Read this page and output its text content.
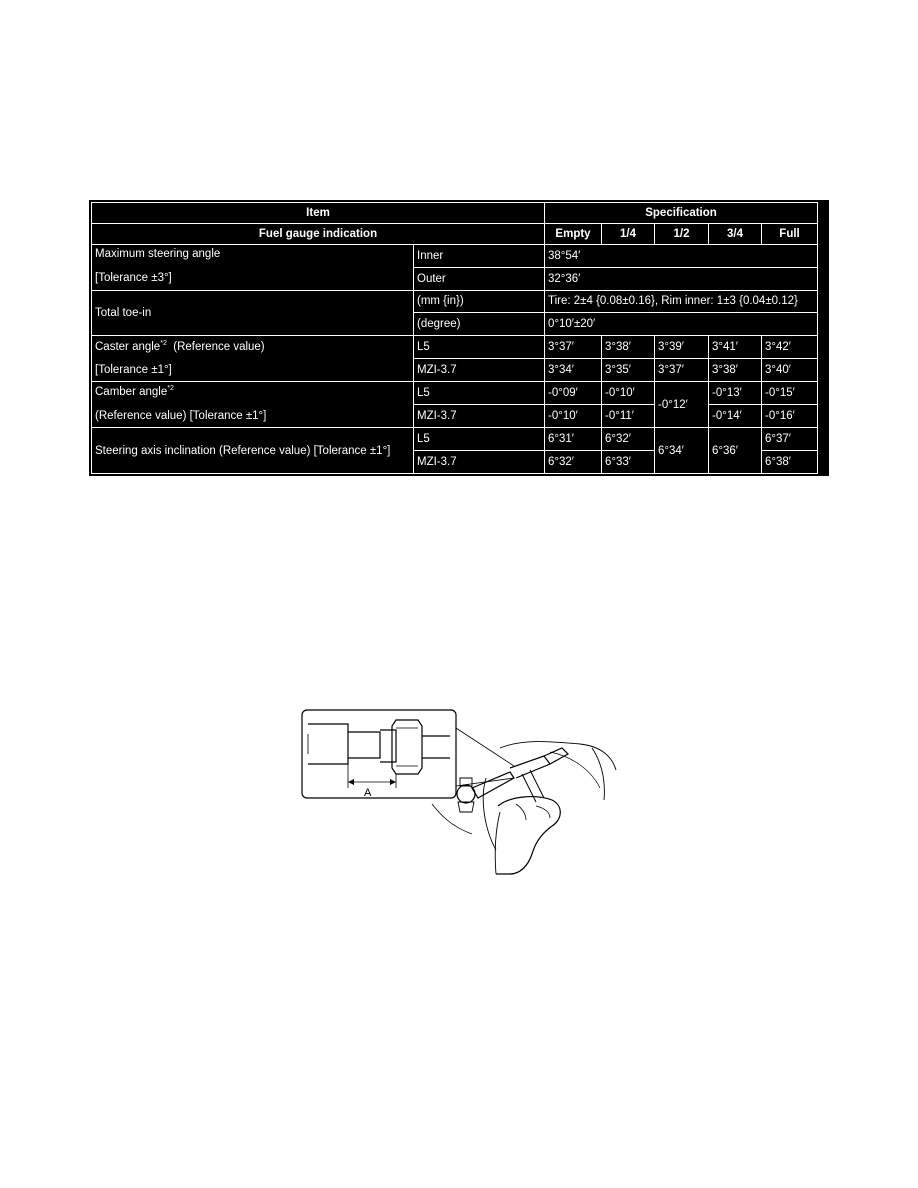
Item		Specification				
Fuel gauge indication		Empty	1/4	1/2	3/4	Full

Maximum steering angle
[Tolerance ±3°]	Inner	38°54′				
	Outer	32°36′				
Total toe-in	(mm {in})	Tire: 2±4 {0.08±0.16}, Rim inner: 1±3 {0.04±0.12}				
	(degree)	0°10′±20′				

Caster angle$^{*2}$ (Reference value)
[Tolerance ±1°]	L5	3°37′	3°38′	3°39′	3°41′	3°42′
	MZI-3.7	3°34′	3°35′	3°37′	3°38′	3°40′

Camber angle$^{*2}$
(Reference value) [Tolerance ±1°]	L5	-0°09′	-0°10′	-0°12′	-0°13′	-0°15′
	MZI-3.7	-0°10′	-0°11′		-0°14′	-0°16′
Steering axis inclination (Reference value) [Tolerance ±1°]	L5	6°31′	6°32′	6°34′	6°36′	6°37′
	MZI-3.7	6°32′	6°33′			6°38′
A
